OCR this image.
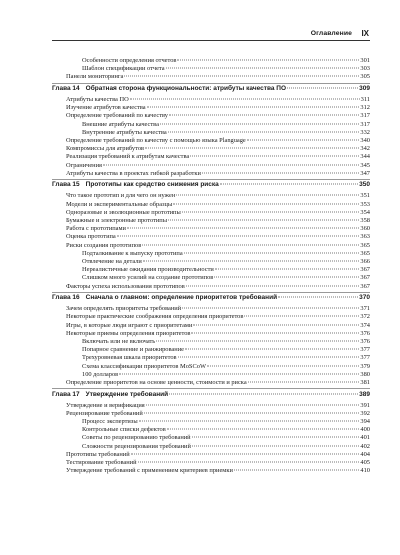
Оглавление IX
Особенности определения отчетов	301
Шаблон спецификации отчета	303
Панели мониторинга	305
Глава 14 Обратная сторона функциональности: атрибуты качества ПО	309
Атрибуты качества ПО	311
Изучение атрибутов качества	312
Определение требований по качеству	317
Внешние атрибуты качества	317
Внутренние атрибуты качества	332
Определение требований по качеству с помощью языка Planguage	340
Компромиссы для атрибутов	342
Реализация требований к атрибутам качества	344
Ограничения	345
Атрибуты качества в проектах гибкой разработки	347
Глава 15 Прототипы как средство снижения риска	350
Что такое прототип и для чего он нужен	351
Модели и экспериментальные образцы	353
Одноразовые и эволюционные прототипы	354
Бумажные и электронные прототипы	358
Работа с прототипами	360
Оценка прототипа	363
Риски создания прототипов	365
Подталкивание к выпуску прототипа	365
Отвлечение на детали	366
Нереалистичные ожидания производительности	367
Слишком много усилий на создание прототипов	367
Факторы успеха использования прототипов	367
Глава 16 Сначала о главном: определение приоритетов требований	370
Зачем определять приоритеты требований	371
Некоторые практические соображения определения приоритетов	372
Игры, в которые люди играют с приоритетами	374
Некоторые приемы определения приоритетов	376
Включать или не включать	376
Попарное сравнение и ранжирование	377
Трехуровневая шкала приоритетов	377
Схема классификации приоритетов MoSCoW	379
100 долларов	380
Определение приоритетов на основе ценности, стоимости и риска	381
Глава 17 Утверждение требований	389
Утверждение и верификация	391
Рецензирование требований	392
Процесс экспертизы	394
Контрольные списки дефектов	400
Советы по рецензированию требований	401
Сложности рецензирования требований	402
Прототипы требований	404
Тестирование требований	405
Утверждение требований с применением критериев приемки	410
